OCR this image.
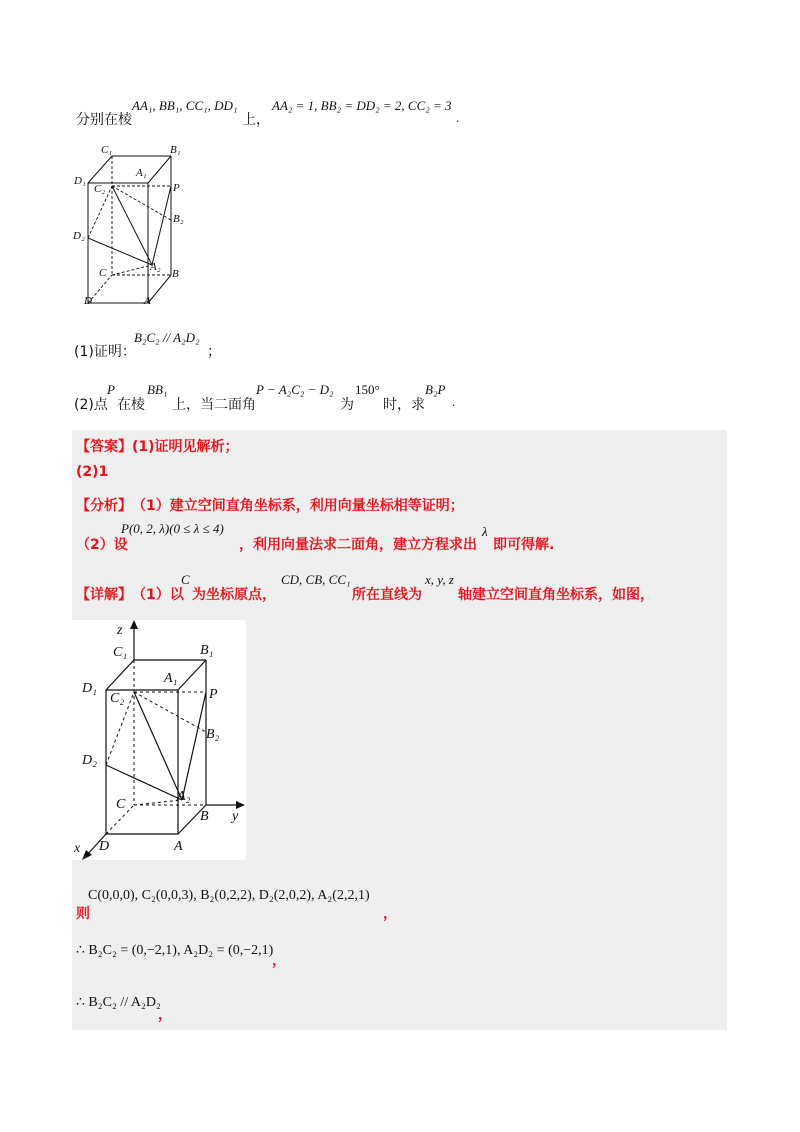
分别在棱
AA₁, BB₁, CC₁, DD₁
上，
AA₂ = 1, BB₂ = DD₂ = 2, CC₂ = 3
.
C₁	B₁
A₁
D₁
C₂	P
B₂
D₂
C	A₂
B
D	A
(1)证明：
B₂C₂ // A₂D₂
；
(2)点
P
在棱
BB₁
上，当二面角
P − A₂C₂ − D₂
为
150°
时，求
B₂P
.
【答案】 (1)证明见解析；
(2)1
【分析】 （1）建立空间直角坐标系，利用向量坐标相等证明；
（2）设
P(0, 2, λ)(0 ≤ λ ≤ 4)
，利用向量法求二面角，建立方程求出
λ
即可得解.
【详解】 （1）以
C
为坐标原点，
CD, CB, CC₁
所在直线为
x, y, z
轴建立空间直角坐标系，如图，
z
y
x
C₁	B₁
A₁
D₁
C₂	P
B₂
D₂
C
A₂
B
D	A
则
C(0,0,0), C₂(0,0,3), B₂(0,2,2), D₂(2,0,2), A₂(2,2,1)
，
∴ B₂C₂ = (0,−2,1), A₂D₂ = (0,−2,1)
，
∴ B₂C₂ // A₂D₂
，
